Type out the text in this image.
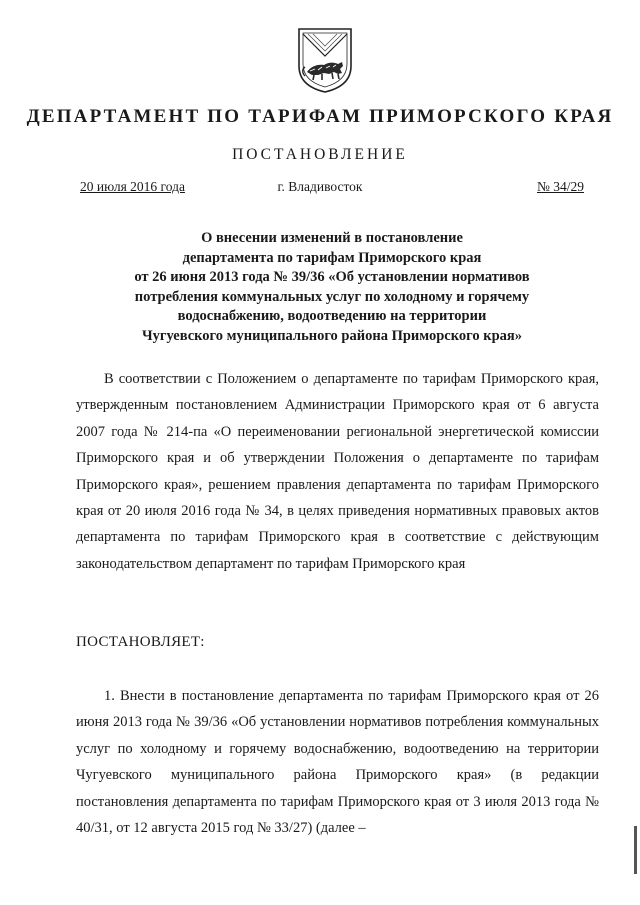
ДЕПАРТАМЕНТ ПО ТАРИФАМ ПРИМОРСКОГО КРАЯ
ПОСТАНОВЛЕНИЕ
20 июля 2016 года	г. Владивосток	№ 34/29
О внесении изменений в постановление
департамента по тарифам Приморского края
от 26 июня 2013 года № 39/36 «Об установлении нормативов
потребления коммунальных услуг по холодному и горячему
водоснабжению, водоотведению на территории
Чугуевского муниципального района Приморского края»

В соответствии с Положением о департаменте по тарифам Приморского края, утвержденным постановлением Администрации Приморского края от 6 августа 2007 года № 214-па «О переименовании региональной энергетической комиссии Приморского края и об утверждении Положения о департаменте по тарифам Приморского края», решением правления департамента по тарифам Приморского края от 20 июля 2016 года № 34, в целях приведения нормативных правовых актов департамента по тарифам Приморского края в соответствие с действующим законодательством департамент по тарифам Приморского края

ПОСТАНОВЛЯЕТ:

1. Внести в постановление департамента по тарифам Приморского края от 26 июня 2013 года № 39/36 «Об установлении нормативов потребления коммунальных услуг по холодному и горячему водоснабжению, водоотведению на территории Чугуевского муниципального района Приморского края» (в редакции постановления департамента по тарифам Приморского края от 3 июля 2013 года № 40/31, от 12 августа 2015 год № 33/27) (далее –
